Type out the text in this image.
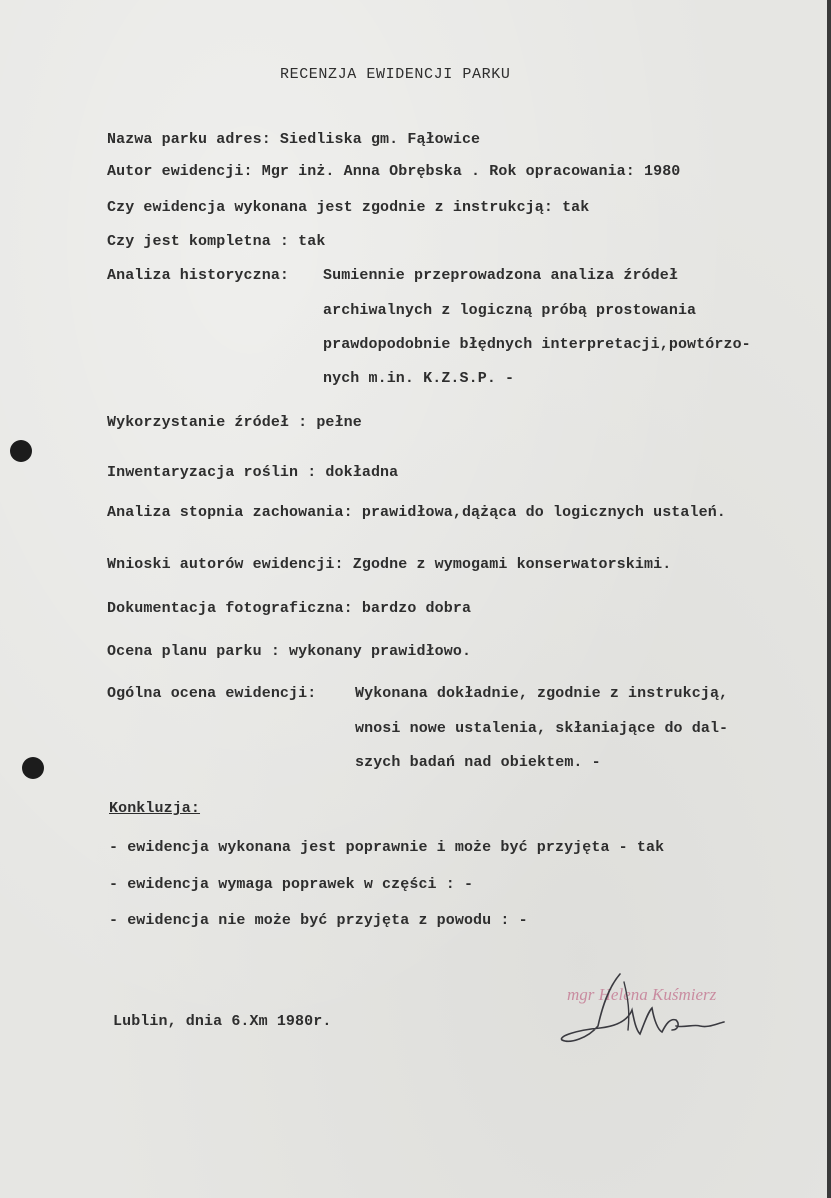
RECENZJA EWIDENCJI PARKU
Nazwa parku adres: Siedliska gm. Fąłowice
Autor ewidencji: Mgr inż. Anna Obrębska . Rok opracowania: 1980
Czy ewidencja wykonana jest zgodnie z instrukcją: tak
Czy jest kompletna : tak
Analiza historyczna: Sumiennie przeprowadzona analiza źródeł
archiwalnych z logiczną próbą prostowania
prawdopodobnie błędnych interpretacji,powtórzo-
nych m.in. K.Z.S.P. -
Wykorzystanie źródeł : pełne
Inwentaryzacja roślin : dokładna
Analiza stopnia zachowania: prawidłowa,dążąca do logicznych ustaleń.
Wnioski autorów ewidencji: Zgodne z wymogami konserwatorskimi.
Dokumentacja fotograficzna: bardzo dobra
Ocena planu parku : wykonany prawidłowo.
Ogólna ocena ewidencji:	Wykonana dokładnie, zgodnie z instrukcją,
wnosi nowe ustalenia, skłaniające do dal-
szych badań nad obiektem. -
Konkluzja:
- ewidencja wykonana jest poprawnie i może być przyjęta - tak
- ewidencja wymaga poprawek w części : -
- ewidencja nie może być przyjęta z powodu : -
Lublin, dnia 6.Xm 1980r.
mgr Helena Kuśmierz
